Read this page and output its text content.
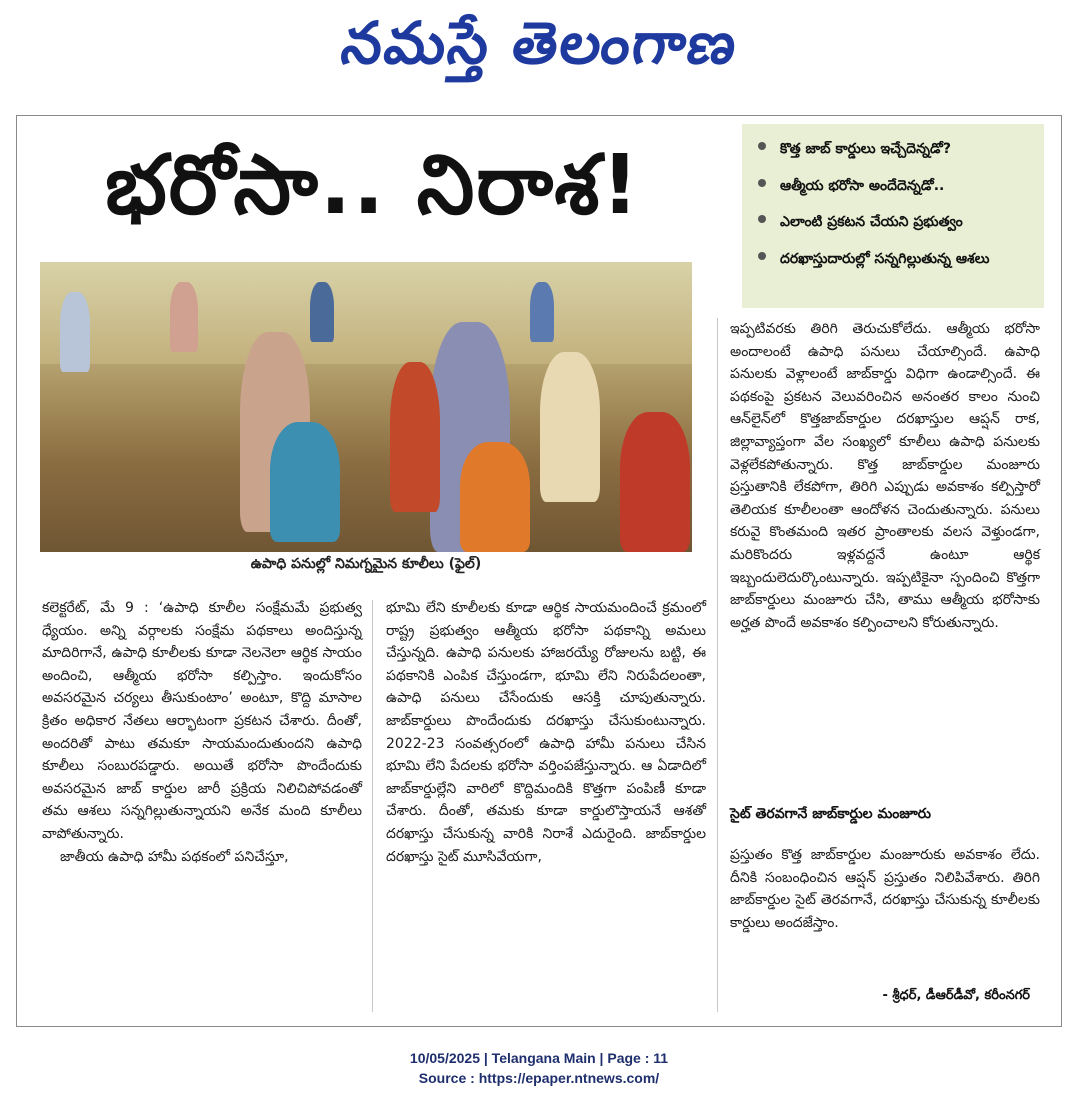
నమస్తే తెలంగాణ
భరోసా.. నిరాశ!
ఉపాధి పనుల్లో నిమగ్నమైన కూలీలు (ఫైల్)
కొత్త జాబ్ కార్డులు ఇచ్చేదెన్నడో?
ఆత్మీయ భరోసా అందేదెన్నడో..
ఎలాంటి ప్రకటన చేయని ప్రభుత్వం
దరఖాస్తుదారుల్లో సన్నగిల్లుతున్న ఆశలు

కలెక్టరేట్, మే 9 : ‘ఉపాధి కూలీల సంక్షేమమే ప్రభుత్వ ధ్యేయం. అన్ని వర్గాలకు సంక్షేమ పథకాలు అందిస్తున్న మాదిరిగానే, ఉపాధి కూలీలకు కూడా నెలనెలా ఆర్థిక సాయం అందించి, ఆత్మీయ భరోసా కల్పిస్తాం. ఇందుకోసం అవసరమైన చర్యలు తీసుకుంటాం’ అంటూ, కొద్ది మాసాల క్రితం అధికార నేతలు ఆర్భాటంగా ప్రకటన చేశారు. దీంతో, అందరితో పాటు తమకూ సాయమందుతుందని ఉపాధి కూలీలు సంబురపడ్డారు. అయితే భరోసా పొందేందుకు అవసరమైన జాబ్ కార్డుల జారీ ప్రక్రియ నిలిచిపోవడంతో తమ ఆశలు సన్నగిల్లుతున్నాయని అనేక మంది కూలీలు వాపోతున్నారు.

జాతీయ ఉపాధి హామీ పథకంలో పనిచేస్తూ,

భూమి లేని కూలీలకు కూడా ఆర్థిక సాయమందించే క్రమంలో రాష్ట్ర ప్రభుత్వం ఆత్మీయ భరోసా పథకాన్ని అమలు చేస్తున్నది. ఉపాధి పనులకు హాజరయ్యే రోజులను బట్టి, ఈ పథకానికి ఎంపిక చేస్తుండగా, భూమి లేని నిరుపేదలంతా, ఉపాధి పనులు చేసేందుకు ఆసక్తి చూపుతున్నారు. జాబ్‌కార్డులు పొందేందుకు దరఖాస్తు చేసుకుంటున్నారు. 2022-23 సంవత్సరంలో ఉపాధి హామీ పనులు చేసిన భూమి లేని పేదలకు భరోసా వర్తింపజేస్తున్నారు. ఆ ఏడాదిలో జాబ్‌కార్డుల్లేని వారిలో కొద్దిమందికి కొత్తగా పంపిణీ కూడా చేశారు. దీంతో, తమకు కూడా కార్డులొస్తాయనే ఆశతో దరఖాస్తు చేసుకున్న వారికి నిరాశే ఎదురైంది. జాబ్‌కార్డుల దరఖాస్తు సైట్ మూసివేయగా,

ఇప్పటివరకు తిరిగి తెరుచుకోలేదు. ఆత్మీయ భరోసా అందాలంటే ఉపాధి పనులు చేయాల్సిందే. ఉపాధి పనులకు వెళ్లాలంటే జాబ్‌కార్డు విధిగా ఉండాల్సిందే. ఈ పథకంపై ప్రకటన వెలువరించిన అనంతర కాలం నుంచి ఆన్‌లైన్‌లో కొత్తజాబ్‌కార్డుల దరఖాస్తుల ఆప్షన్ రాక, జిల్లావ్యాప్తంగా వేల సంఖ్యలో కూలీలు ఉపాధి పనులకు వెళ్లలేకపోతున్నారు. కొత్త జాబ్‌కార్డుల మంజూరు ప్రస్తుతానికి లేకపోగా, తిరిగి ఎప్పుడు అవకాశం కల్పిస్తారో తెలియక కూలీలంతా ఆందోళన చెందుతున్నారు. పనులు కరువై కొంతమంది ఇతర ప్రాంతాలకు వలస వెళ్తుండగా, మరికొందరు ఇళ్లవద్దనే ఉంటూ ఆర్థిక ఇబ్బందులెదుర్కొంటున్నారు. ఇప్పటికైనా స్పందించి కొత్తగా జాబ్‌కార్డులు మంజూరు చేసి, తాము ఆత్మీయ భరోసాకు అర్హత పొందే అవకాశం కల్పించాలని కోరుతున్నారు.

సైట్ తెరవగానే జాబ్‌కార్డుల మంజూరు

ప్రస్తుతం కొత్త జాబ్‌కార్డుల మంజూరుకు అవకాశం లేదు. దీనికి సంబంధించిన ఆప్షన్ ప్రస్తుతం నిలిపివేశారు. తిరిగి జాబ్‌కార్డుల సైట్ తెరవగానే, దరఖాస్తు చేసుకున్న కూలీలకు కార్డులు అందజేస్తాం.

- శ్రీధర్, డీఆర్‌డీవో, కరీంనగర్
10/05/2025 | Telangana Main | Page : 11
Source : https://epaper.ntnews.com/
